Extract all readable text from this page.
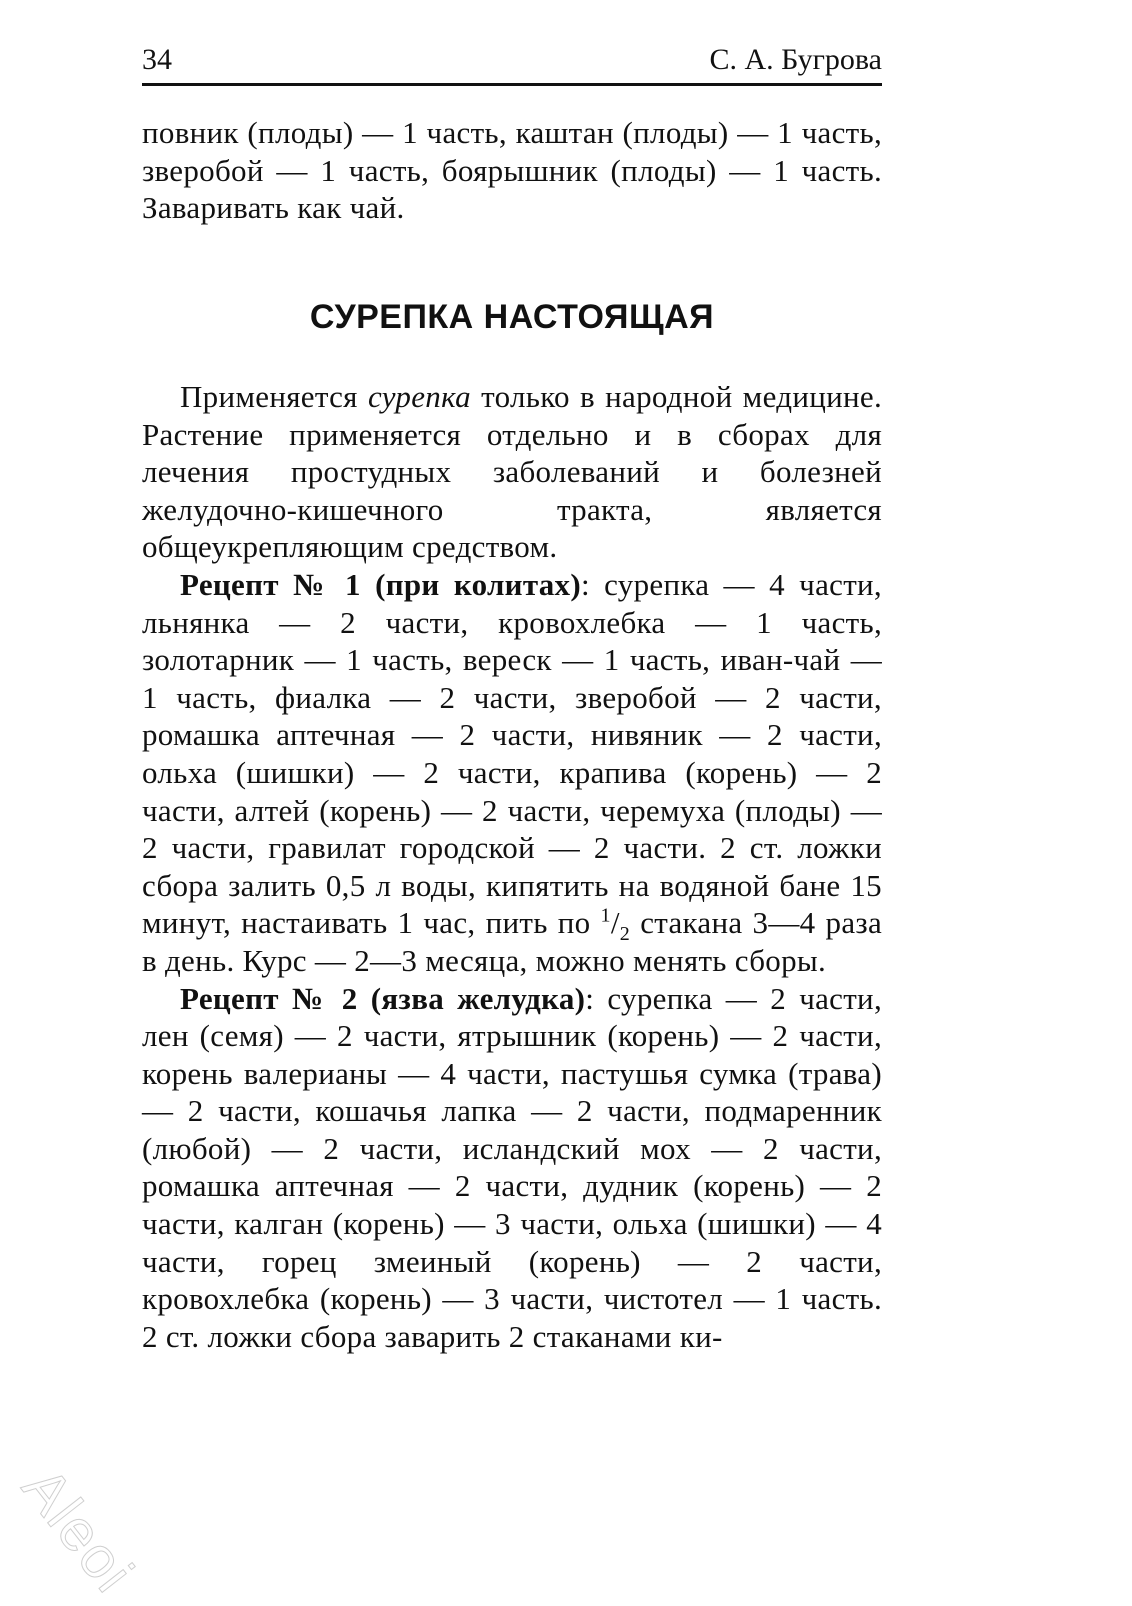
34	С. А. Бугрова

повник (плоды) — 1 часть, каштан (плоды) — 1 часть, зверобой — 1 часть, боярышник (плоды) — 1 часть. Заваривать как чай.

СУРЕПКА НАСТОЯЩАЯ

Применяется сурепка только в народной медицине. Растение применяется отдельно и в сборах для лечения простудных заболеваний и болезней желудочно-кишечного тракта, является общеукрепляющим средством.

Рецепт № 1 (при колитах): сурепка — 4 части, льнянка — 2 части, кровохлебка — 1 часть, золотарник — 1 часть, вереск — 1 часть, иван-чай — 1 часть, фиалка — 2 части, зверобой — 2 части, ромашка аптечная — 2 части, нивяник — 2 части, ольха (шишки) — 2 части, крапива (корень) — 2 части, алтей (корень) — 2 части, черемуха (плоды) — 2 части, гравилат городской — 2 части. 2 ст. ложки сбора залить 0,5 л воды, кипятить на водяной бане 15 минут, настаивать 1 час, пить по $^1/_2$ стакана 3—4 раза в день. Курс — 2—3 месяца, можно менять сборы.

Рецепт № 2 (язва желудка): сурепка — 2 части, лен (семя) — 2 части, ятрышник (корень) — 2 части, корень валерианы — 4 части, пастушья сумка (трава) — 2 части, кошачья лапка — 2 части, подмаренник (любой) — 2 части, исландский мох — 2 части, ромашка аптечная — 2 части, дудник (корень) — 2 части, калган (корень) — 3 части, ольха (шишки) — 4 части, горец змеиный (корень) — 2 части, кровохлебка (корень) — 3 части, чистотел — 1 часть. 2 ст. ложки сбора заварить 2 стаканами ки-

Aleoi
